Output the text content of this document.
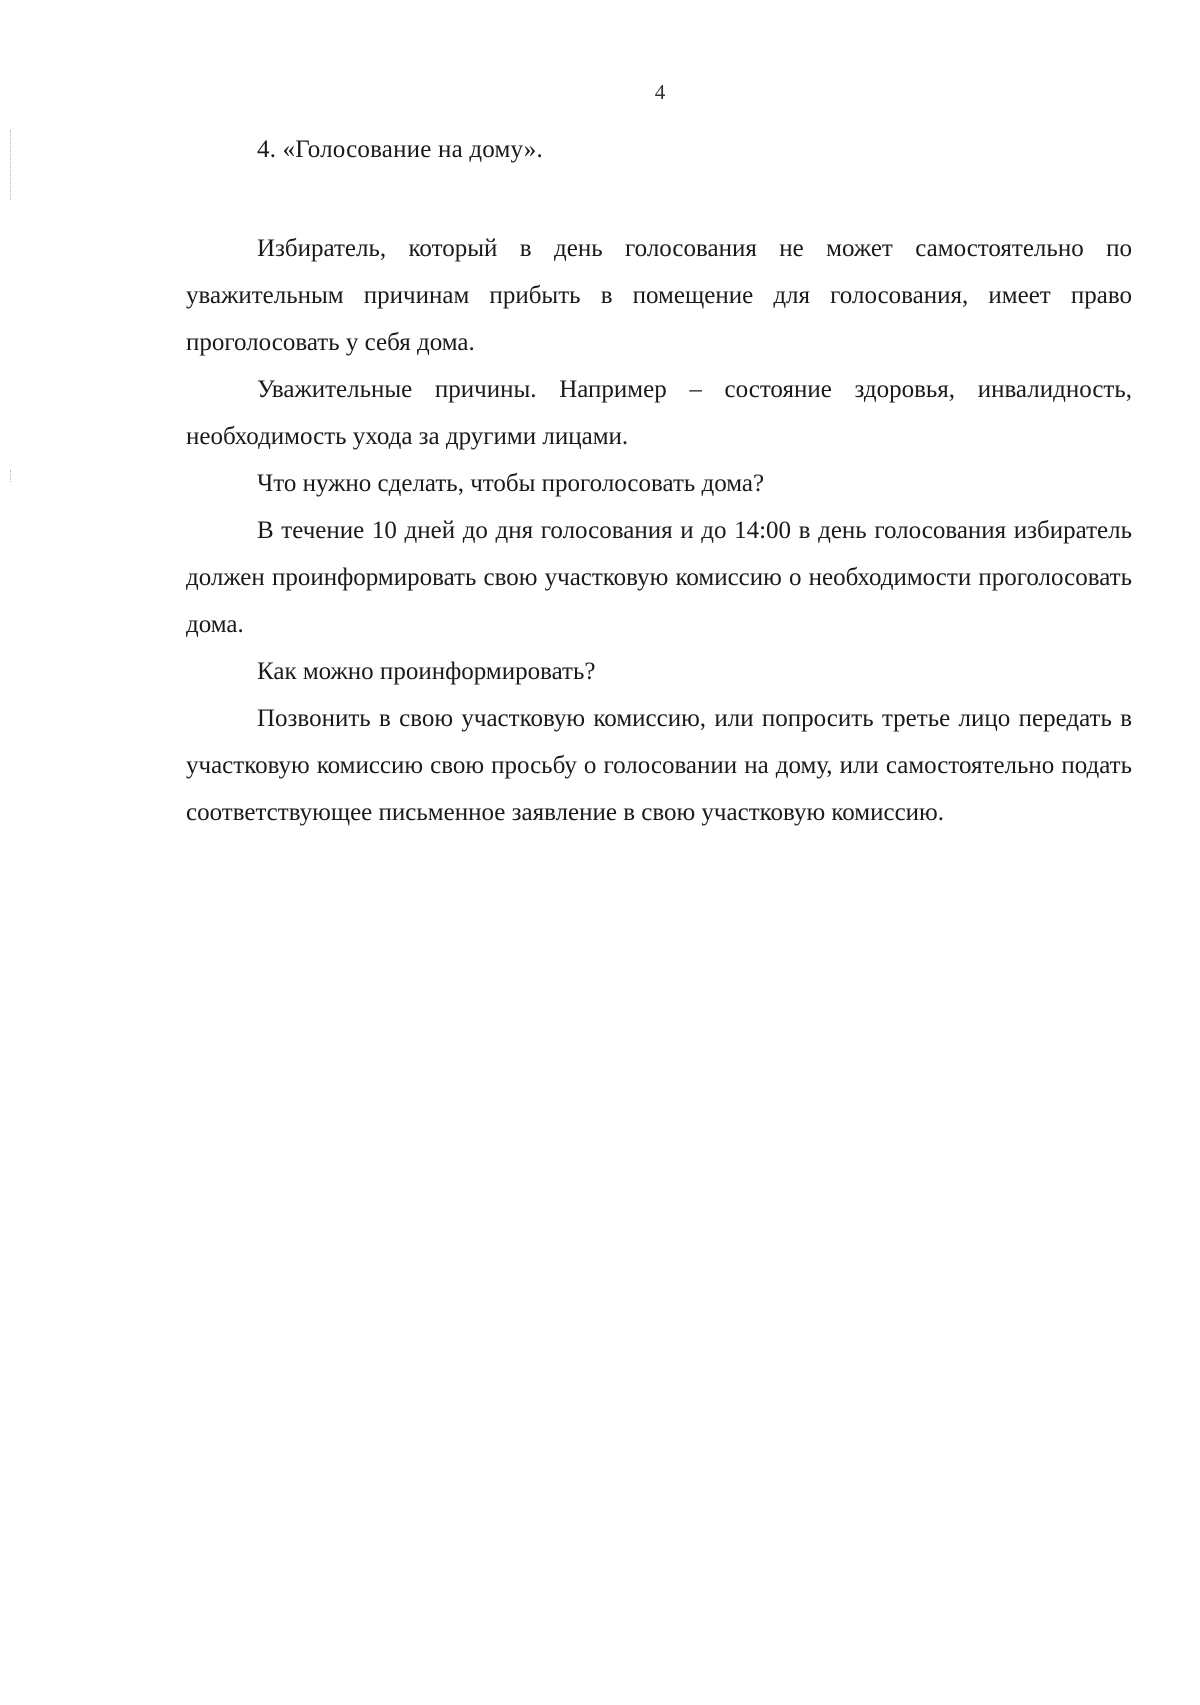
4
4. «Голосование на дому».

Избиратель, который в день голосования не может самостоятельно по уважительным причинам прибыть в помещение для голосования, имеет право проголосовать у себя дома.

Уважительные причины. Например – состояние здоровья, инвалидность, необходимость ухода за другими лицами.

Что нужно сделать, чтобы проголосовать дома?

В течение 10 дней до дня голосования и до 14:00 в день голосования избиратель должен проинформировать свою участковую комиссию о необходимости проголосовать дома.

Как можно проинформировать?

Позвонить в свою участковую комиссию, или попросить третье лицо передать в участковую комиссию свою просьбу о голосовании на дому, или самостоятельно подать соответствующее письменное заявление в свою участковую комиссию.
